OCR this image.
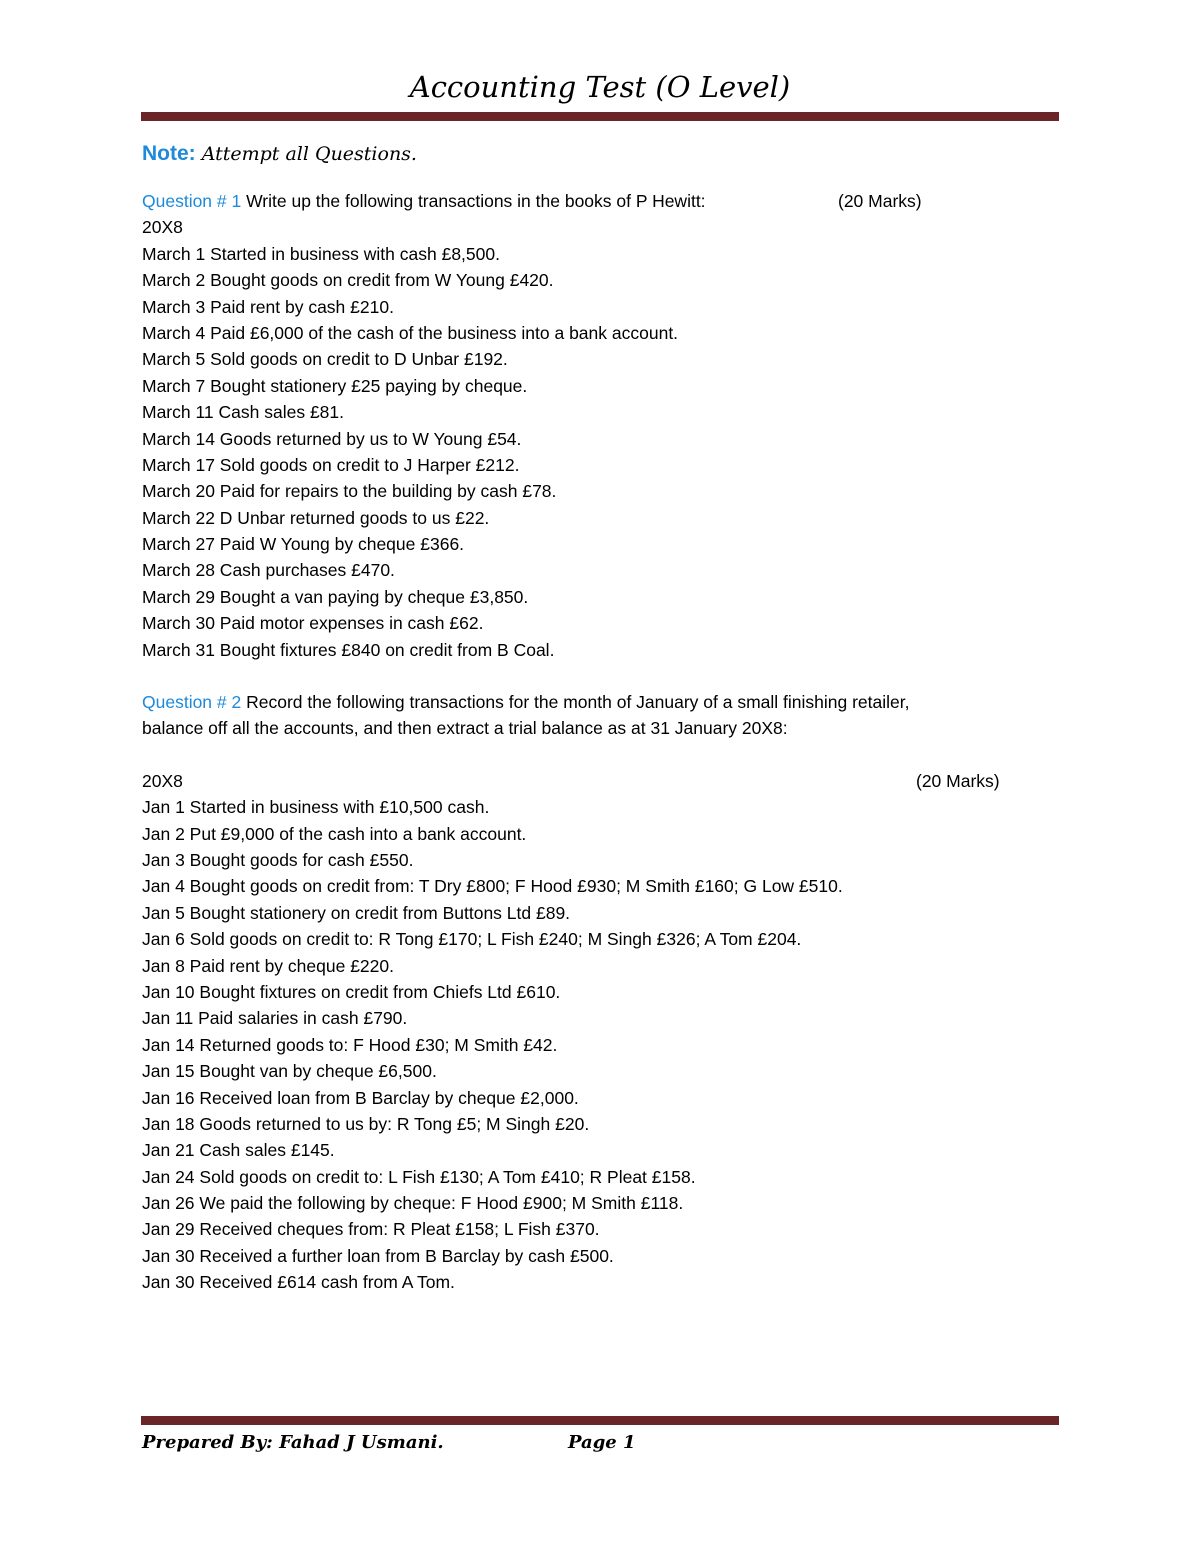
Accounting Test (O Level)
Note: Attempt all Questions.
Question # 1 Write up the following transactions in the books of P Hewitt:	(20 Marks)
20X8
March 1 Started in business with cash £8,500.
March 2 Bought goods on credit from W Young £420.
March 3 Paid rent by cash £210.
March 4 Paid £6,000 of the cash of the business into a bank account.
March 5 Sold goods on credit to D Unbar £192.
March 7 Bought stationery £25 paying by cheque.
March 11 Cash sales £81.
March 14 Goods returned by us to W Young £54.
March 17 Sold goods on credit to J Harper £212.
March 20 Paid for repairs to the building by cash £78.
March 22 D Unbar returned goods to us £22.
March 27 Paid W Young by cheque £366.
March 28 Cash purchases £470.
March 29 Bought a van paying by cheque £3,850.
March 30 Paid motor expenses in cash £62.
March 31 Bought fixtures £840 on credit from B Coal.
Question # 2 Record the following transactions for the month of January of a small finishing retailer,
balance off all the accounts, and then extract a trial balance as at 31 January 20X8:
20X8	(20 Marks)
Jan 1 Started in business with £10,500 cash.
Jan 2 Put £9,000 of the cash into a bank account.
Jan 3 Bought goods for cash £550.
Jan 4 Bought goods on credit from: T Dry £800; F Hood £930; M Smith £160; G Low £510.
Jan 5 Bought stationery on credit from Buttons Ltd £89.
Jan 6 Sold goods on credit to: R Tong £170; L Fish £240; M Singh £326; A Tom £204.
Jan 8 Paid rent by cheque £220.
Jan 10 Bought fixtures on credit from Chiefs Ltd £610.
Jan 11 Paid salaries in cash £790.
Jan 14 Returned goods to: F Hood £30; M Smith £42.
Jan 15 Bought van by cheque £6,500.
Jan 16 Received loan from B Barclay by cheque £2,000.
Jan 18 Goods returned to us by: R Tong £5; M Singh £20.
Jan 21 Cash sales £145.
Jan 24 Sold goods on credit to: L Fish £130; A Tom £410; R Pleat £158.
Jan 26 We paid the following by cheque: F Hood £900; M Smith £118.
Jan 29 Received cheques from: R Pleat £158; L Fish £370.
Jan 30 Received a further loan from B Barclay by cash £500.
Jan 30 Received £614 cash from A Tom.
Prepared By: Fahad J Usmani.	Page 1
